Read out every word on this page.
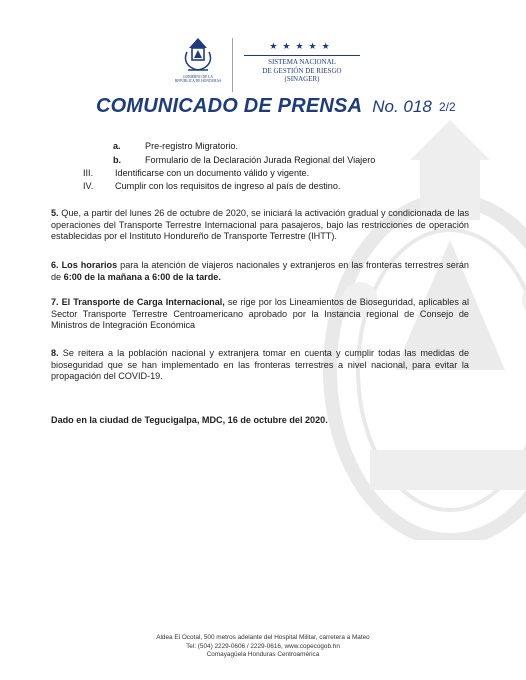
GOBIERNO DE LA
REPÚBLICA DE HONDURAS
★★★★★
SISTEMA NACIONAL
DE GESTIÓN DE RIESGO
(SINAGER)
COMUNICADO DE PRENSA No. 018 2/2
a.	Pre-registro Migratorio.
b.	Formulario de la Declaración Jurada Regional del Viajero
III. Identificarse con un documento válido y vigente.
IV. Cumplir con los requisitos de ingreso al país de destino.
5. Que, a partir del lunes 26 de octubre de 2020, se iniciará la activación gradual y condicionada de las operaciones del Transporte Terrestre Internacional para pasajeros, bajo las restricciones de operación establecidas por el Instituto Hondureño de Transporte Terrestre (IHTT).
6. Los horarios para la atención de viajeros nacionales y extranjeros en las fronteras terrestres serán de 6:00 de la mañana a 6:00 de la tarde.
7. El Transporte de Carga Internacional, se rige por los Lineamientos de Bioseguridad, aplicables al Sector Transporte Terrestre Centroamericano aprobado por la Instancia regional de Consejo de Ministros de Integración Económica
8. Se reitera a la población nacional y extranjera tomar en cuenta y cumplir todas las medidas de bioseguridad que se han implementado en las fronteras terrestres a nivel nacional, para evitar la propagación del COVID-19.
Dado en la ciudad de Tegucigalpa, MDC, 16 de octubre del 2020.
Aldea El Ocotal, 500 metros adelante del Hospital Militar, carretera a Mateo
Tel: (504) 2229-0606 / 2229-0616, www.copecogob.hn
Comayagüela Honduras Centroamérica
